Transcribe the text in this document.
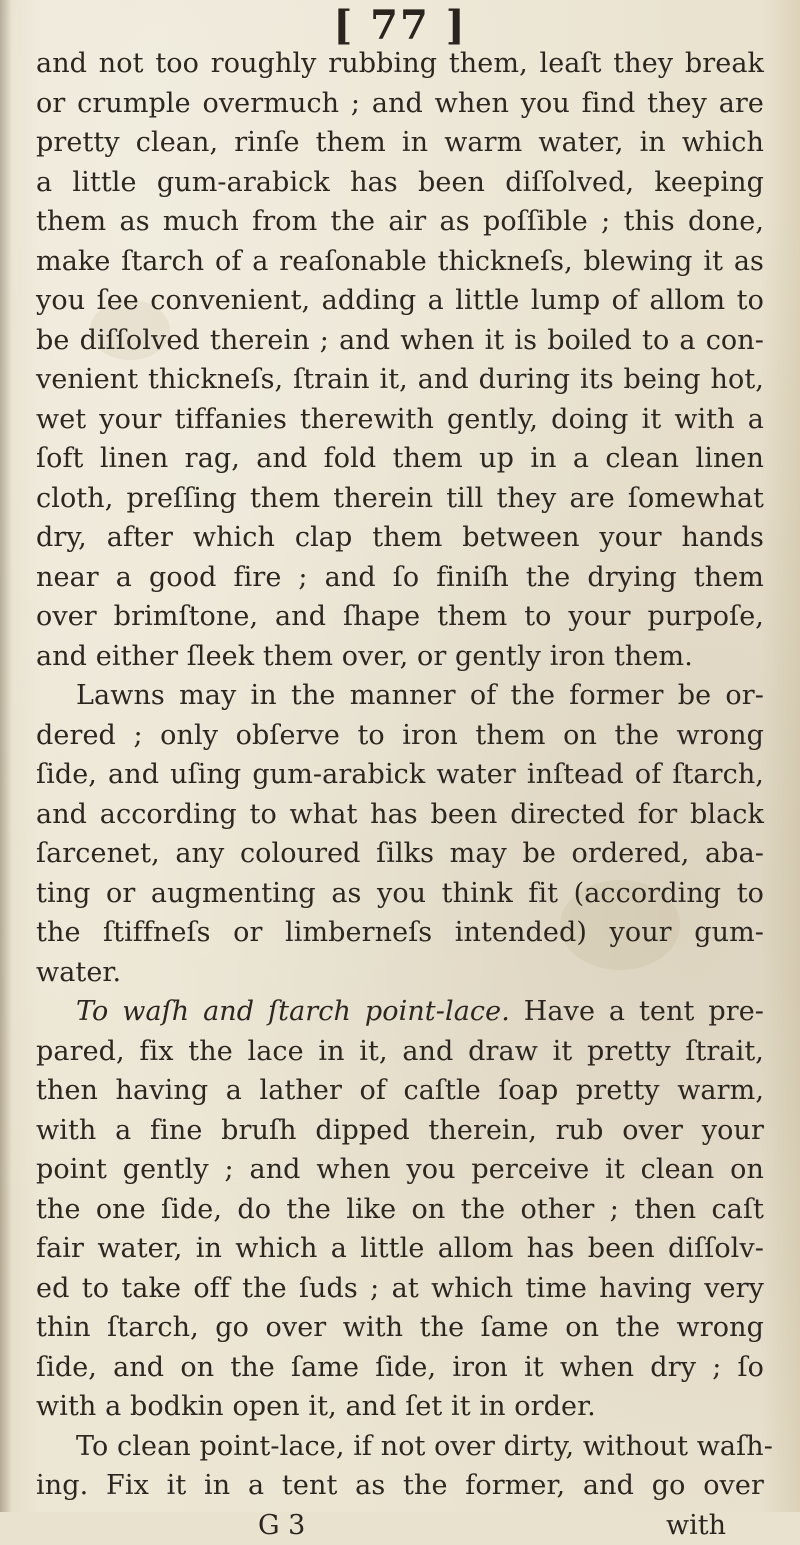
[ 77 ]
and not too roughly rubbing them, leaſt they break
or crumple overmuch ; and when you find they are
pretty clean, rinſe them in warm water, in which
a little gum-arabick has been diſſolved, keeping
them as much from the air as poſſible ; this done,
make ſtarch of a reaſonable thickneſs, blewing it as
you ſee convenient, adding a little lump of allom to
be diſſolved therein ; and when it is boiled to a con-
venient thickneſs, ſtrain it, and during its being hot,
wet your tiffanies therewith gently, doing it with a
ſoft linen rag, and fold them up in a clean linen
cloth, preſſing them therein till they are ſomewhat
dry, after which clap them between your hands
near a good fire ; and ſo finiſh the drying them
over brimſtone, and ſhape them to your purpoſe,
and either ſleek them over, or gently iron them.
Lawns may in the manner of the former be or-
dered ; only obſerve to iron them on the wrong
ſide, and uſing gum-arabick water inſtead of ſtarch,
and according to what has been directed for black
ſarcenet, any coloured ſilks may be ordered, aba-
ting or augmenting as you think fit (according to
the ſtiffneſs or limberneſs intended) your gum-
water.
To waſh and ſtarch point-lace. Have a tent pre-
pared, fix the lace in it, and draw it pretty ſtrait,
then having a lather of caſtle ſoap pretty warm,
with a fine bruſh dipped therein, rub over your
point gently ; and when you perceive it clean on
the one ſide, do the like on the other ; then caſt
fair water, in which a little allom has been diſſolv-
ed to take off the ſuds ; at which time having very
thin ſtarch, go over with the ſame on the wrong
ſide, and on the ſame ſide, iron it when dry ; ſo
with a bodkin open it, and ſet it in order.
To clean point-lace, if not over dirty, without waſh-
ing. Fix it in a tent as the former, and go over
G 3	with
